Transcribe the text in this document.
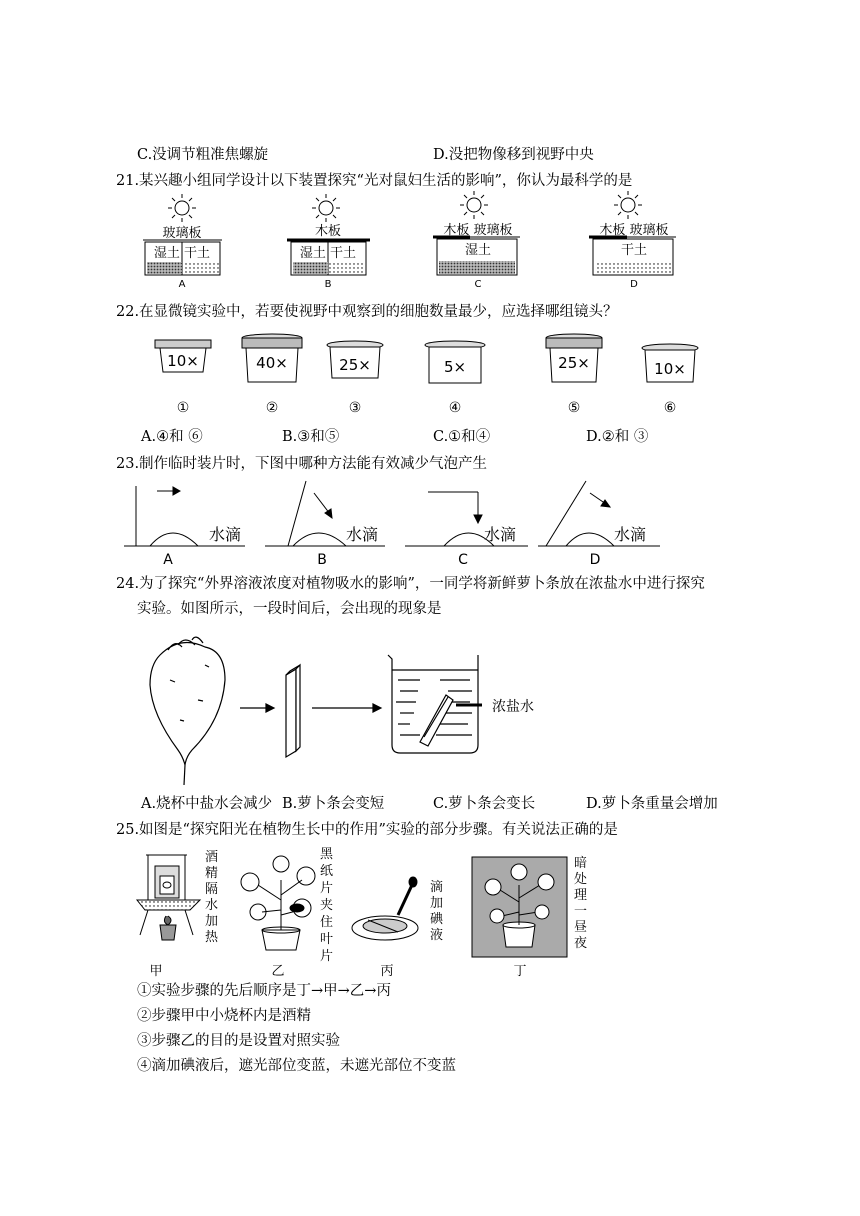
C.没调节粗准焦螺旋	D.没把物像移到视野中央
21.某兴趣小组同学设计以下装置探究“光对鼠妇生活的影响”，你认为最科学的是
玻璃板
湿土 干土
A
木板
湿土 干土
B
木板 玻璃板
湿土
C
木板 玻璃板
干土
D
22.在显微镜实验中，若要使视野中观察到的细胞数量最少，应选择哪组镜头？
10×
①
40×
②
25×
③
5×
④
25×
⑤
10×
⑥
A.④和 ⑥	B.③和⑤	C.①和④	D.②和 ③
23.制作临时装片时，下图中哪种方法能有效减少气泡产生
水滴
A
水滴
B
水滴
C
水滴
D
24.为了探究“外界溶液浓度对植物吸水的影响”，一同学将新鲜萝卜条放在浓盐水中进行探究
实验。如图所示，一段时间后，会出现的现象是
浓盐水
A.烧杯中盐水会减少 B.萝卜条会变短	C.萝卜条会变长	D.萝卜条重量会增加
25.如图是“探究阳光在植物生长中的作用”实验的部分步骤。有关说法正确的是
甲	乙	丙	丁
酒精隔水加热
黑纸片夹住叶片
滴加碘液
暗处理一昼夜
①实验步骤的先后顺序是丁→甲→乙→丙
②步骤甲中小烧杯内是酒精
③步骤乙的目的是设置对照实验
④滴加碘液后，遮光部位变蓝，未遮光部位不变蓝
